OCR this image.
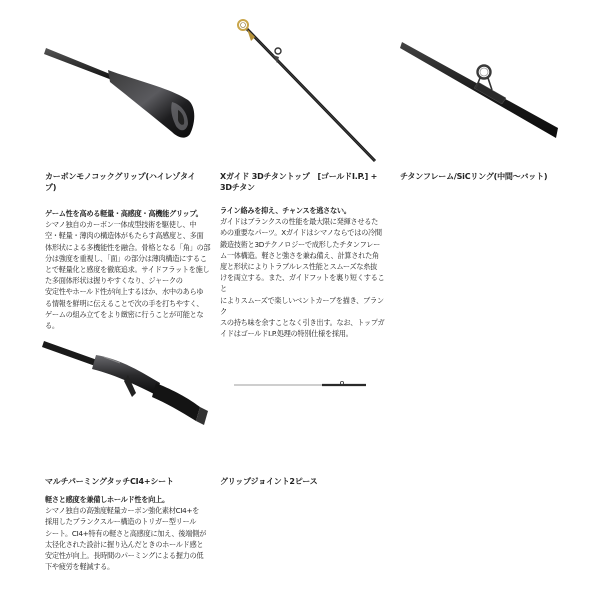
カーボンモノコックグリップ(ハイレゾタイプ)

ゲーム性を高める軽量・高感度・高機能グリップ。

シマノ独自のカーボン一体成型技術を駆使し、中

空・軽量・薄肉の構造体がもたらす高感度と、多面

体形状による多機能性を融合。骨格となる「角」の部

分は強度を重視し、「面」の部分は薄肉構造にするこ

とで軽量化と感度を徹底追求。サイドフラットを施し

た多面体形状は握りやすくなり、ジャークの

安定性やホールド性が向上するほか、水中のあらゆ

る情報を鮮明に伝えることで次の手を打ちやすく、

ゲームの組み立てをより緻密に行うことが可能とな

る。

Xガイド 3Dチタントップ　[ゴールドI.P.] + 3Dチタン

ライン絡みを抑え、チャンスを逃さない。

ガイドはブランクスの性能を最大限に発揮させるた

めの重要なパーツ。Xガイドはシマノならではの冷間

鍛造技術と3Dテクノロジーで成形したチタンフレー

ム一体構造。軽さと強さを兼ね備え、計算された角

度と形状によりトラブルレス性能とスムーズな糸抜

けを両立する。また、ガイドフットを裏り短くすること

によりスムーズで楽しいベントカーブを描き、ブランク

スの持ち味を余すことなく引き出す。なお、トップガ

イドはゴールドI.P.処理の特別仕様を採用。

チタンフレーム/SiCリング(中間～バット)
マルチパーミングタッチCI4+シート

軽さと感度を兼備しホールド性を向上。

シマノ独自の高強度軽量カーボン強化素材CI4+を

採用したブランクスルー構造のトリガー型リール

シート。CI4+特有の軽さと高感度に加え、後端側が

太径化された設計に握り込んだときのホールド感と

安定性が向上。長時間のパーミングによる握力の低

下や疲労を軽減する。

グリップジョイント2ピース
